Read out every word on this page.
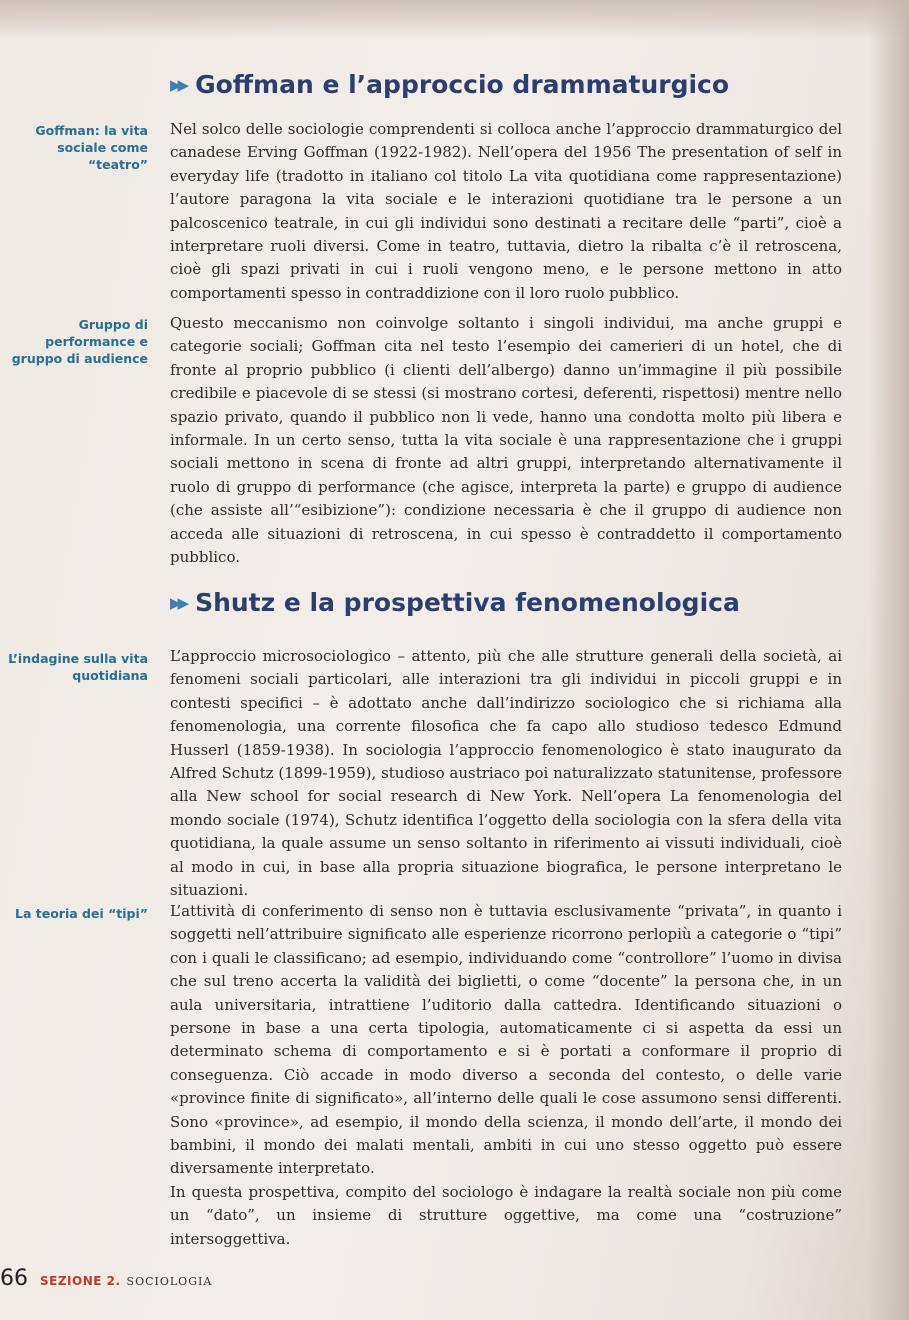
▶▶ Goffman e l’approccio drammaturgico
Goffman: la vita sociale come “teatro”

Nel solco delle sociologie comprendenti si colloca anche l’approccio drammaturgico del canadese Erving Goffman (1922-1982). Nell’opera del 1956 The presentation of self in everyday life (tradotto in italiano col titolo La vita quotidiana come rappresentazione) l’autore paragona la vita sociale e le interazioni quotidiane tra le persone a un palcoscenico teatrale, in cui gli individui sono destinati a recitare delle “parti”, cioè a interpretare ruoli diversi. Come in teatro, tuttavia, dietro la ribalta c’è il retroscena, cioè gli spazi privati in cui i ruoli vengono meno, e le persone mettono in atto comportamenti spesso in contraddizione con il loro ruolo pubblico.

Gruppo di performance e gruppo di audience

Questo meccanismo non coinvolge soltanto i singoli individui, ma anche gruppi e categorie sociali; Goffman cita nel testo l’esempio dei camerieri di un hotel, che di fronte al proprio pubblico (i clienti dell’albergo) danno un’immagine il più possibile credibile e piacevole di se stessi (si mostrano cortesi, deferenti, rispettosi) mentre nello spazio privato, quando il pubblico non li vede, hanno una condotta molto più libera e informale. In un certo senso, tutta la vita sociale è una rappresentazione che i gruppi sociali mettono in scena di fronte ad altri gruppi, interpretando alternativamente il ruolo di gruppo di performance (che agisce, interpreta la parte) e gruppo di audience (che assiste all’“esibizione”): condizione necessaria è che il gruppo di audience non acceda alle situazioni di retroscena, in cui spesso è contraddetto il comportamento pubblico.

▶▶ Shutz e la prospettiva fenomenologica
L’indagine sulla vita quotidiana

L’approccio microsociologico – attento, più che alle strutture generali della società, ai fenomeni sociali particolari, alle interazioni tra gli individui in piccoli gruppi e in contesti specifici – è adottato anche dall’indirizzo sociologico che si richiama alla fenomenologia, una corrente filosofica che fa capo allo studioso tedesco Edmund Husserl (1859-1938). In sociologia l’approccio fenomenologico è stato inaugurato da Alfred Schutz (1899-1959), studioso austriaco poi naturalizzato statunitense, professore alla New school for social research di New York. Nell’opera La fenomenologia del mondo sociale (1974), Schutz identifica l’oggetto della sociologia con la sfera della vita quotidiana, la quale assume un senso soltanto in riferimento ai vissuti individuali, cioè al modo in cui, in base alla propria situazione biografica, le persone interpretano le situazioni.

La teoria dei “tipi” L’attività di conferimento di senso non è tuttavia esclusivamente “privata”, in quanto i soggetti nell’attribuire significato alle esperienze ricorrono perlopiù a categorie o “tipi” con i quali le classificano; ad esempio, individuando come “controllore” l’uomo in divisa che sul treno accerta la validità dei biglietti, o come “docente” la persona che, in un aula universitaria, intrattiene l’uditorio dalla cattedra. Identificando situazioni o persone in base a una certa tipologia, automaticamente ci si aspetta da essi un determinato schema di comportamento e si è portati a conformare il proprio di conseguenza. Ciò accade in modo diverso a seconda del contesto, o delle varie «province finite di significato», all’interno delle quali le cose assumono sensi differenti. Sono «province», ad esempio, il mondo della scienza, il mondo dell’arte, il mondo dei bambini, il mondo dei malati mentali, ambiti in cui uno stesso oggetto può essere diversamente interpretato.

In questa prospettiva, compito del sociologo è indagare la realtà sociale non più come un “dato”, un insieme di strutture oggettive, ma come una “costruzione” intersoggettiva.

66 SEZIONE 2. SOCIOLOGIA
